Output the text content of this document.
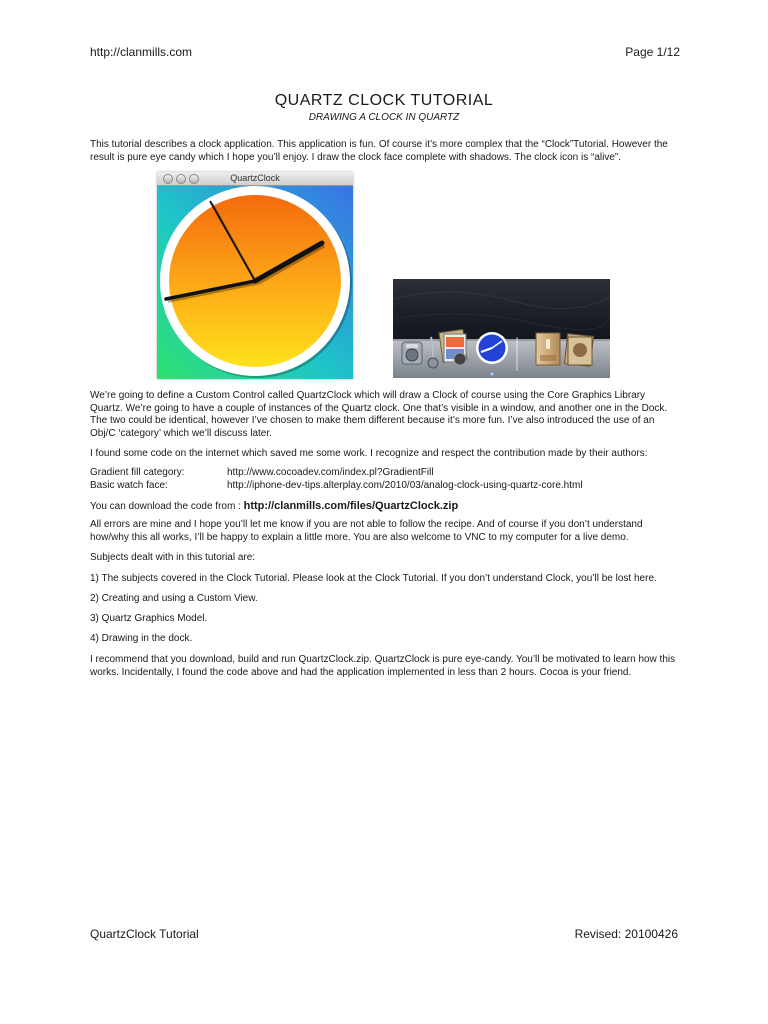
http://clanmills.com	Page 1/12
QUARTZ CLOCK TUTORIAL
DRAWING A CLOCK IN QUARTZ
This tutorial describes a clock application. This application is fun. Of course it’s more complex that the “Clock”Tutorial. However the result is pure eye candy which I hope you’ll enjoy. I draw the clock face complete with shadows. The clock icon is “alive”.
QuartzClock
We’re going to define a Custom Control called QuartzClock which will draw a Clock of course using the Core Graphics Library Quartz. We’re going to have a couple of instances of the Quartz clock. One that’s visible in a window, and another one in the Dock. The two could be identical, however I’ve chosen to make them different because it’s more fun. I’ve also introduced the use of an Obj/C ‘category’ which we’ll discuss later.
I found some code on the internet which saved me some work. I recognize and respect the contribution made by their authors:
Gradient fill category:	http://www.cocoadev.com/index.pl?GradientFill
Basic watch face:	http://iphone-dev-tips.alterplay.com/2010/03/analog-clock-using-quartz-core.html
You can download the code from : http://clanmills.com/files/QuartzClock.zip
All errors are mine and I hope you’ll let me know if you are not able to follow the recipe. And of course if you don’t understand how/why this all works, I’ll be happy to explain a little more. You are also welcome to VNC to my computer for a live demo.
Subjects dealt with in this tutorial are:
1) The subjects covered in the Clock Tutorial. Please look at the Clock Tutorial. If you don’t understand Clock, you’ll be lost here.
2) Creating and using a Custom View.
3) Quartz Graphics Model.
4) Drawing in the dock.
I recommend that you download, build and run QuartzClock.zip. QuartzClock is pure eye-candy. You’ll be motivated to learn how this works. Incidentally, I found the code above and had the application implemented in less than 2 hours. Cocoa is your friend.
QuartzClock Tutorial	Revised: 20100426
